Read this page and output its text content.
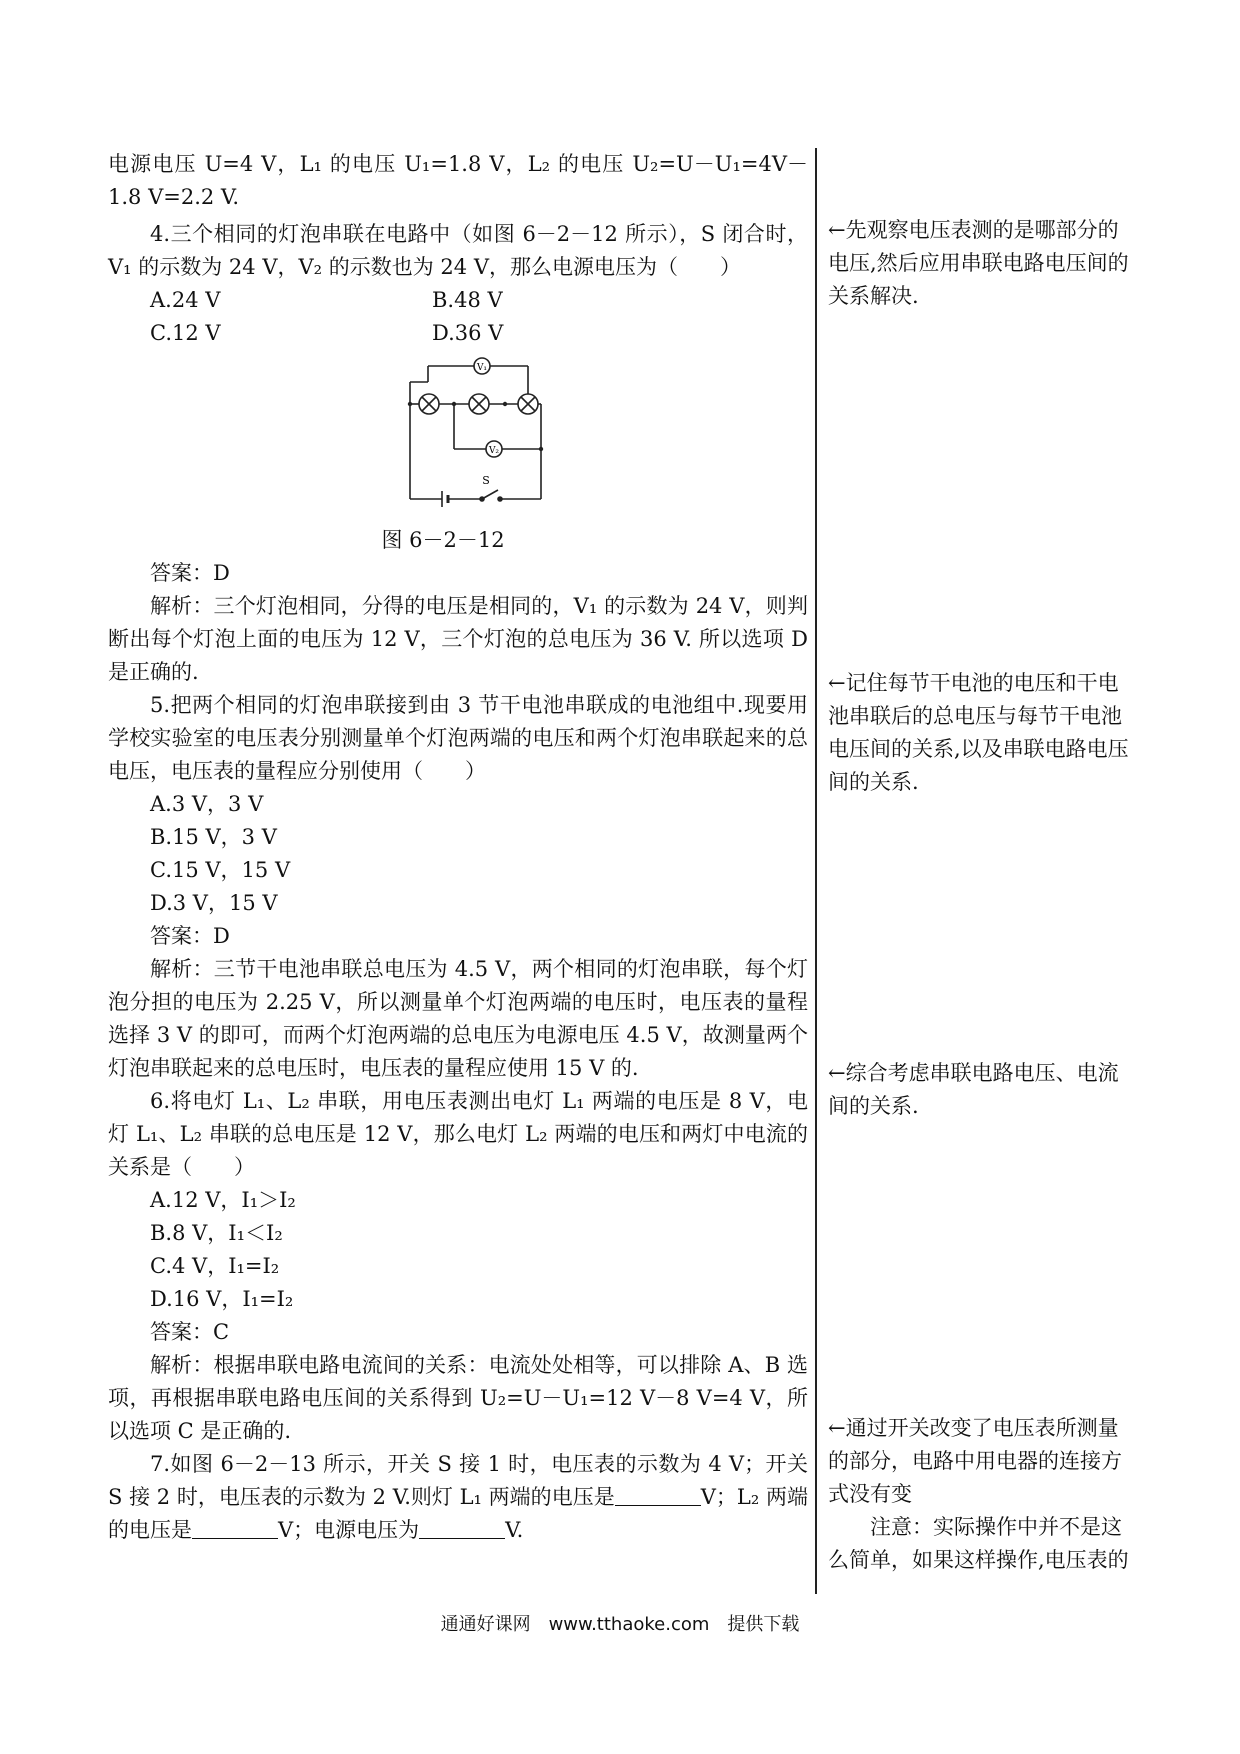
电源电压 U=4 V，L₁ 的电压 U₁=1.8 V，L₂ 的电压 U₂=U－U₁=4V－1.8 V=2.2 V.

4.三个相同的灯泡串联在电路中（如图 6－2－12 所示），S 闭合时，V₁ 的示数为 24 V，V₂ 的示数也为 24 V，那么电源电压为（　　）

A.24 V	B.48 V
C.12 V	D.36 V
V₁
V₂
S

图 6－2－12

答案：D

解析：三个灯泡相同，分得的电压是相同的，V₁ 的示数为 24 V，则判断出每个灯泡上面的电压为 12 V，三个灯泡的总电压为 36 V. 所以选项 D 是正确的.

5.把两个相同的灯泡串联接到由 3 节干电池串联成的电池组中.现要用学校实验室的电压表分别测量单个灯泡两端的电压和两个灯泡串联起来的总电压，电压表的量程应分别使用（　　）

A.3 V，3 V

B.15 V，3 V

C.15 V，15 V

D.3 V，15 V

答案：D

解析：三节干电池串联总电压为 4.5 V，两个相同的灯泡串联，每个灯泡分担的电压为 2.25 V，所以测量单个灯泡两端的电压时，电压表的量程选择 3 V 的即可，而两个灯泡两端的总电压为电源电压 4.5 V，故测量两个灯泡串联起来的总电压时，电压表的量程应使用 15 V 的.

6.将电灯 L₁、L₂ 串联，用电压表测出电灯 L₁ 两端的电压是 8 V，电灯 L₁、L₂ 串联的总电压是 12 V，那么电灯 L₂ 两端的电压和两灯中电流的关系是（　　）

A.12 V，I₁＞I₂

B.8 V，I₁＜I₂

C.4 V，I₁=I₂

D.16 V，I₁=I₂

答案：C

解析：根据串联电路电流间的关系：电流处处相等，可以排除 A、B 选项，再根据串联电路电压间的关系得到 U₂=U－U₁=12 V－8 V=4 V，所以选项 C 是正确的.

7.如图 6－2－13 所示，开关 S 接 1 时，电压表的示数为 4 V；开关 S 接 2 时，电压表的示数为 2 V.则灯 L₁ 两端的电压是	V；L₂ 两端的电压是	V；电源电压为	V.

←先观察电压表测的是哪部分的电压,然后应用串联电路电压间的关系解决.
←记住每节干电池的电压和干电池串联后的总电压与每节干电池电压间的关系,以及串联电路电压间的关系.
←综合考虑串联电路电压、电流间的关系.
←通过开关改变了电压表所测量的部分，电路中用电器的连接方式没有变
注意：实际操作中并不是这么简单，如果这样操作,电压表的
通通好课网　www.tthaoke.com　提供下载
